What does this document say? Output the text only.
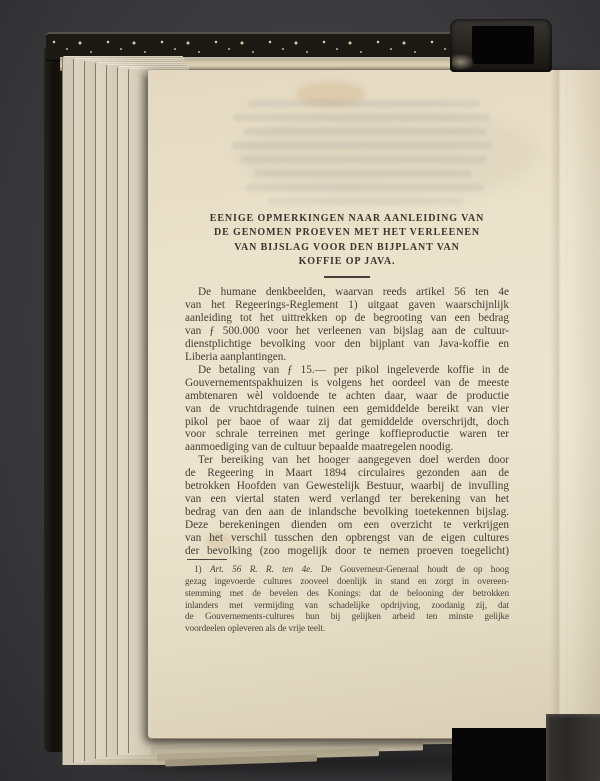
EENIGE OPMERKINGEN NAAR AANLEIDING VAN
DE GENOMEN PROEVEN MET HET VERLEENEN
VAN BIJSLAG VOOR DEN BIJPLANT VAN
KOFFIE OP JAVA.
De humane denkbeelden, waarvan reeds artikel 56 ten 4e
van het Regeerings-Reglement 1) uitgaat gaven waarschijnlijk
aanleiding tot het uittrekken op de begrooting van een bedrag
van ƒ 500.000 voor het verleenen van bijslag aan de cultuur-
dienstplichtige bevolking voor den bijplant van Java-koffie en
Liberia aanplantingen.
De betaling van ƒ 15.— per pikol ingeleverde koffie in de
Gouvernementspakhuizen is volgens het oordeel van de meeste
ambtenaren wèl voldoende te achten daar, waar de productie
van de vruchtdragende tuinen een gemiddelde bereikt van vier
pikol per baoe of waar zij dat gemiddelde overschrijdt, doch
voor schrale terreinen met geringe koffieproductie waren ter
aanmoediging van de cultuur bepaalde maatregelen noodig.
Ter bereiking van het hooger aangegeven doel werden door
de Regeering in Maart 1894 circulaires gezonden aan de
betrokken Hoofden van Gewestelijk Bestuur, waarbij de invulling
van een viertal staten werd verlangd ter berekening van het
bedrag van den aan de inlandsche bevolking toetekennen bijslag.
Deze berekeningen dienden om een overzicht te verkrijgen
van het verschil tusschen den opbrengst van de eigen cultures
der bevolking (zoo mogelijk door te nemen proeven toegelicht)
1) Art. 56 R. R. ten 4e. De Gouverneur-Generaal houdt de op hoog
gezag ingevoerde cultures zooveel doenlijk in stand en zorgt in overeen-
stemming met de bevelen des Konings: dat de belooning der betrokken
inlanders met vermijding van schadelijke opdrijving, zoodanig zij, dat
de Gouvernements-cultures hun bij gelijken arbeid ten minste gelijke
voordeelen opleveren als de vrije teelt.
